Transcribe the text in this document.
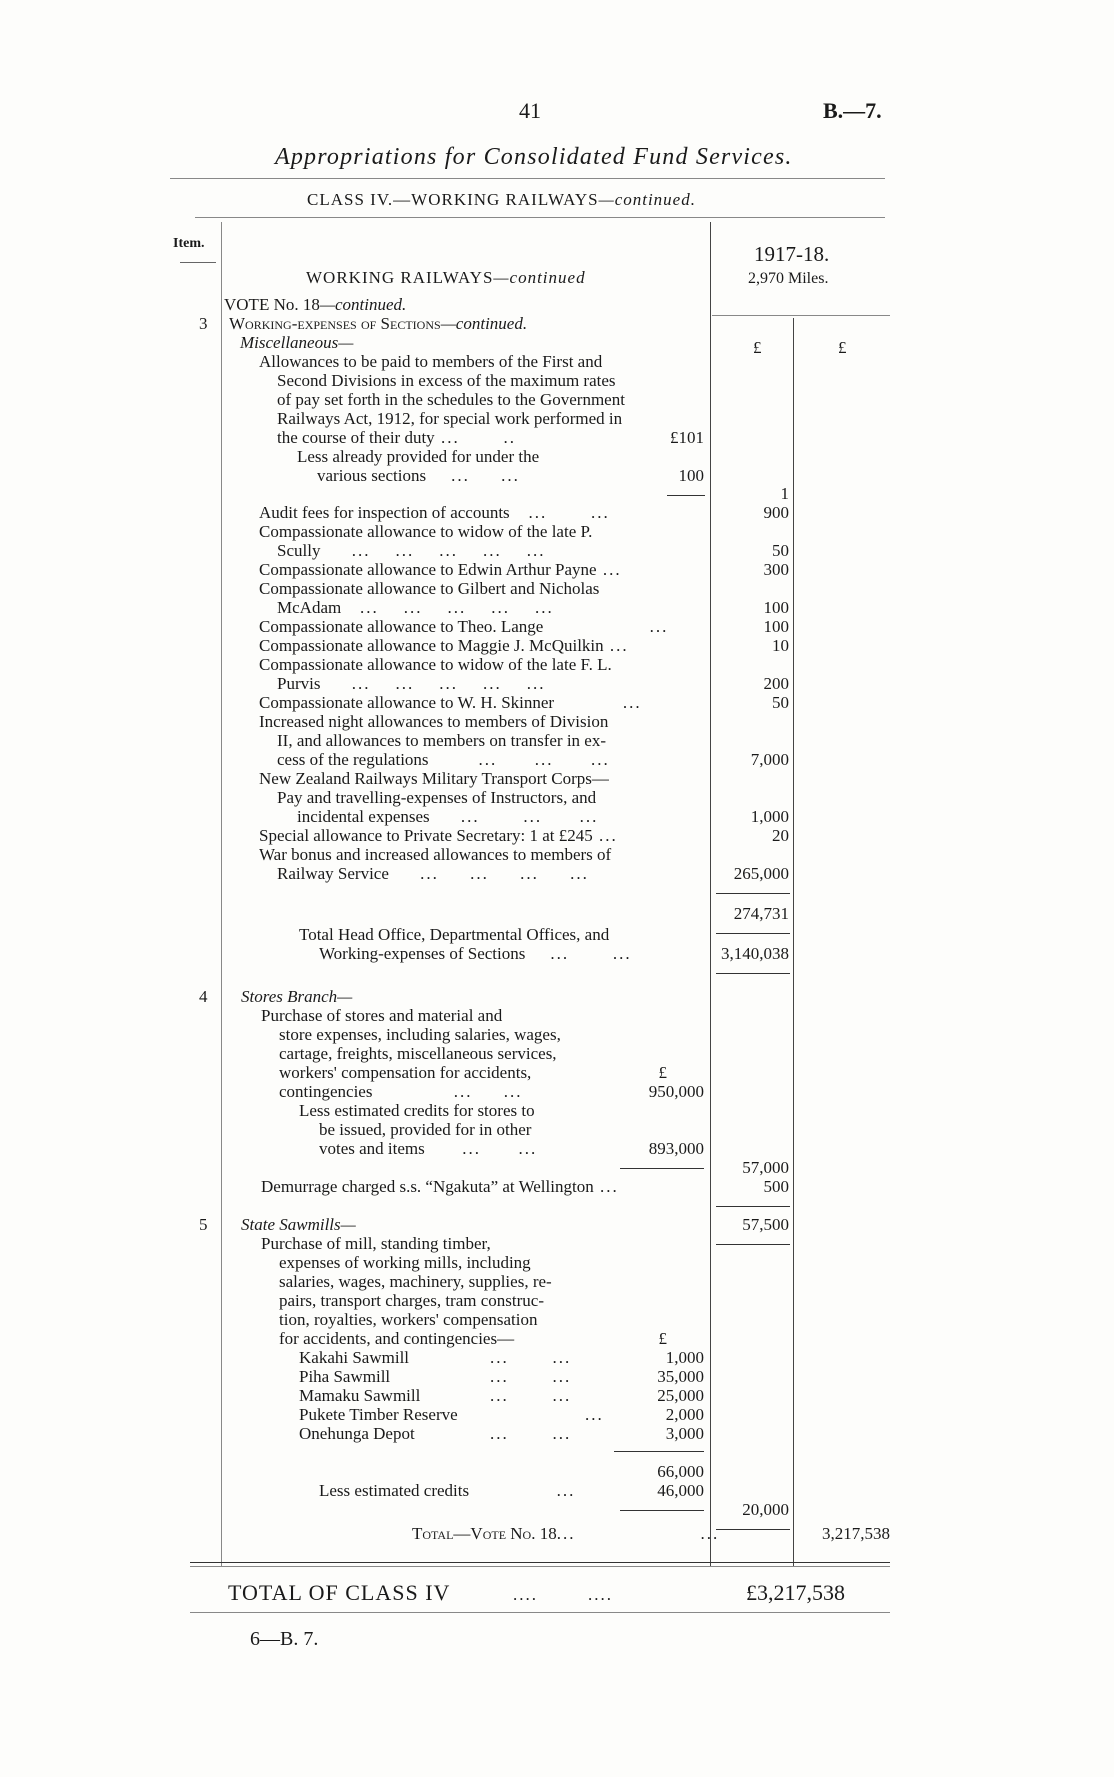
41	B.—7.
Appropriations for Consolidated Fund Services.
CLASS IV.—WORKING RAILWAYS—continued.
Item.	1917-18.
2,970 Miles.
£	£
WORKING RAILWAYS—continued
VOTE No. 18—continued.
3 Working-expenses of Sections—continued.
Miscellaneous—
Allowances to be paid to members of the First and
Second Divisions in excess of the maximum rates
of pay set forth in the schedules to the Government
Railways Act, 1912, for special work performed in
the course of their duty ...       ..	£101
Less already provided for under the
various sections    ...     ...	100
1
Audit fees for inspection of accounts   ...       ...	900
Compassionate allowance to widow of the late P.
Scully     ...    ...    ...    ...    ...	50
Compassionate allowance to Edwin Arthur Payne ...	300
Compassionate allowance to Gilbert and Nicholas
McAdam   ...    ...    ...    ...    ...	100
Compassionate allowance to Theo. Lange                 ...	100
Compassionate allowance to Maggie J. McQuilkin ...	10
Compassionate allowance to widow of the late F. L.
Purvis     ...    ...    ...    ...    ...	200
Compassionate allowance to W. H. Skinner           ...	50
Increased night allowances to members of Division
II, and allowances to members on transfer in ex-
cess of the regulations        ...      ...      ...	7,000
New Zealand Railways Military Transport Corps—
Pay and travelling-expenses of Instructors, and
incidental expenses     ...       ...      ...	1,000
Special allowance to Private Secretary: 1 at £245 ...	20
War bonus and increased allowances to members of
Railway Service     ...     ...     ...     ...	265,000
274,731
Total Head Office, Departmental Offices, and
Working-expenses of Sections    ...       ...	3,140,038
4 Stores Branch—
Purchase of stores and material and
store expenses, including salaries, wages,
cartage, freights, miscellaneous services,
workers' compensation for accidents,	£
contingencies             ...     ...	950,000
Less estimated credits for stores to
be issued, provided for in other
votes and items      ...      ...	893,000
57,000
Demurrage charged s.s. “Ngakuta” at Wellington ...	500
57,500
5 State Sawmills—
Purchase of mill, standing timber,
expenses of working mills, including
salaries, wages, machinery, supplies, re-
pairs, transport charges, tram construc-
tion, royalties, workers' compensation
for accidents, and contingencies—	£
Kakahi Sawmill	...       ...	1,000
Piha Sawmill	...       ...	35,000
Mamaku Sawmill	...       ...	25,000
Pukete Timber Reserve	...	2,000
Onehunga Depot	...       ...	3,000
66,000
Less estimated credits              ...	46,000
20,000
Total—Vote No. 18...                    ...	3,217,538
TOTAL OF CLASS IV          ....        ....	£3,217,538
6—B. 7.
